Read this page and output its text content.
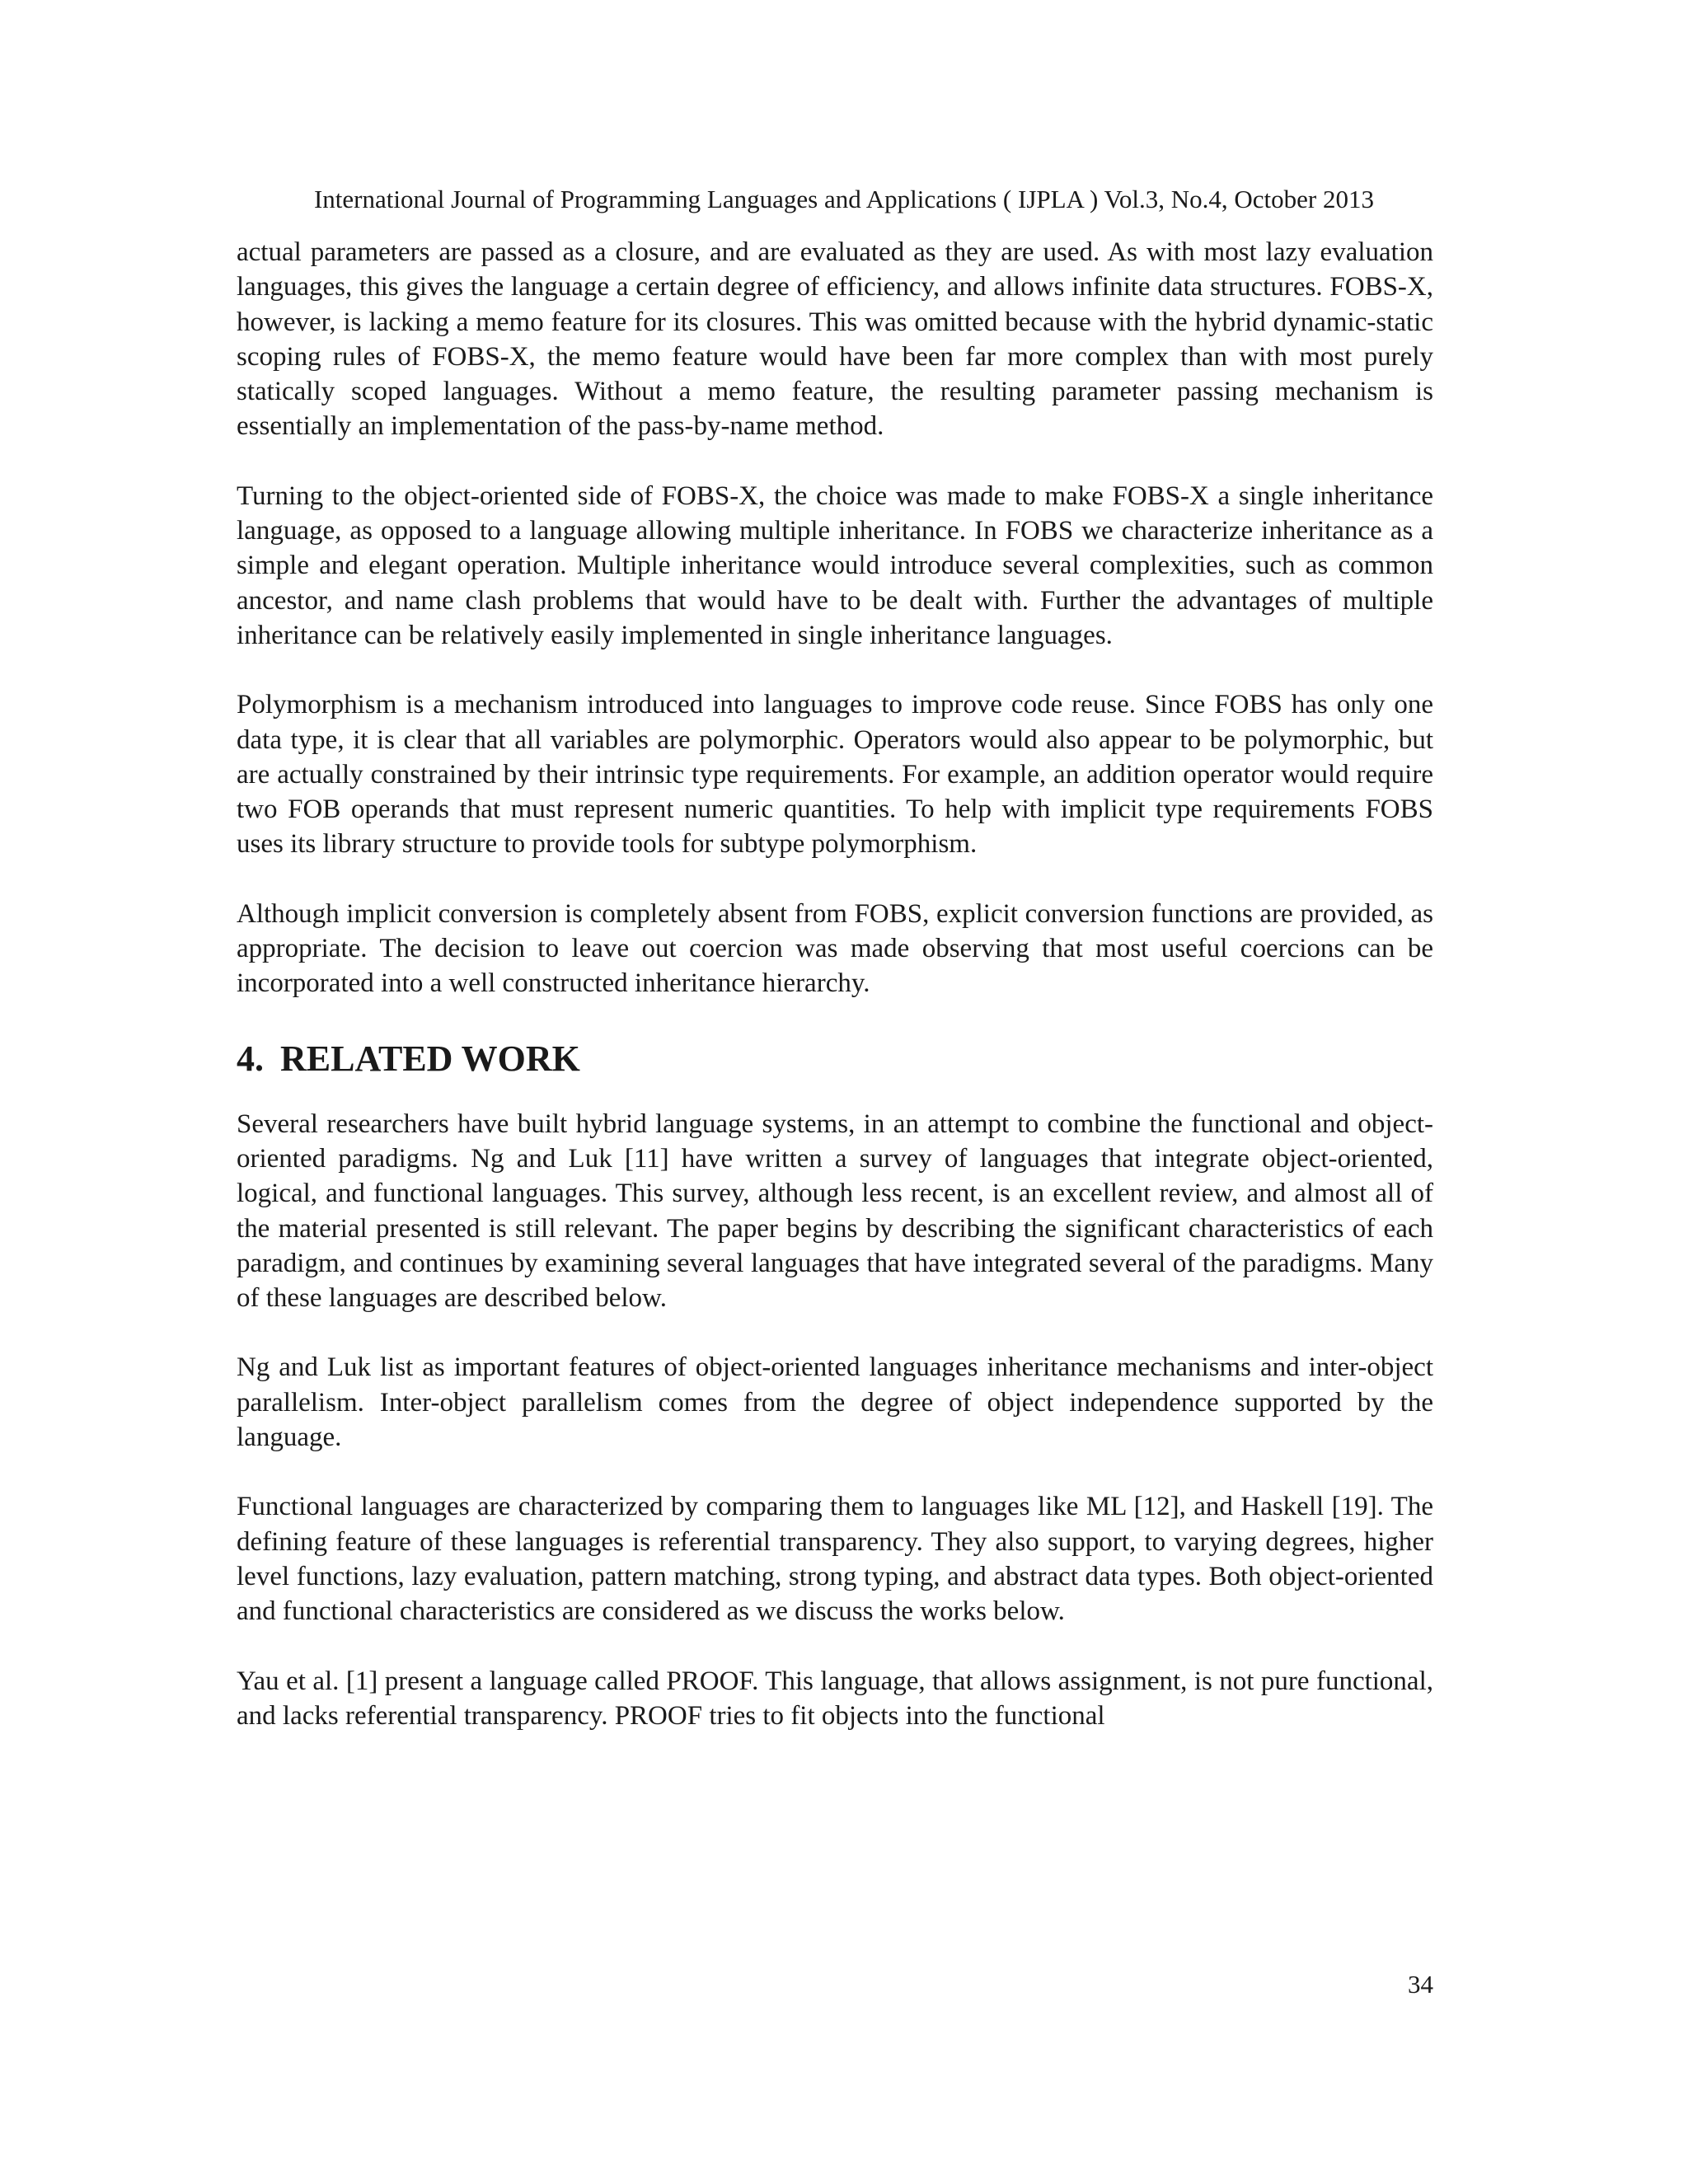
International Journal of Programming Languages and Applications ( IJPLA ) Vol.3, No.4, October 2013

actual parameters are passed as a closure, and are evaluated as they are used. As with most lazy evaluation languages, this gives the language a certain degree of efficiency, and allows infinite data structures. FOBS-X, however, is lacking a memo feature for its closures. This was omitted because with the hybrid dynamic-static scoping rules of FOBS-X, the memo feature would have been far more complex than with most purely statically scoped languages. Without a memo feature, the resulting parameter passing mechanism is essentially an implementation of the pass-by-name method.

Turning to the object-oriented side of FOBS-X, the choice was made to make FOBS-X a single inheritance language, as opposed to a language allowing multiple inheritance. In FOBS we characterize inheritance as a simple and elegant operation. Multiple inheritance would introduce several complexities, such as common ancestor, and name clash problems that would have to be dealt with. Further the advantages of multiple inheritance can be relatively easily implemented in single inheritance languages.

Polymorphism is a mechanism introduced into languages to improve code reuse. Since FOBS has only one data type, it is clear that all variables are polymorphic. Operators would also appear to be polymorphic, but are actually constrained by their intrinsic type requirements. For example, an addition operator would require two FOB operands that must represent numeric quantities. To help with implicit type requirements FOBS uses its library structure to provide tools for subtype polymorphism.

Although implicit conversion is completely absent from FOBS, explicit conversion functions are provided, as appropriate. The decision to leave out coercion was made observing that most useful coercions can be incorporated into a well constructed inheritance hierarchy.

4. RELATED WORK

Several researchers have built hybrid language systems, in an attempt to combine the functional and object-oriented paradigms. Ng and Luk [11] have written a survey of languages that integrate object-oriented, logical, and functional languages. This survey, although less recent, is an excellent review, and almost all of the material presented is still relevant. The paper begins by describing the significant characteristics of each paradigm, and continues by examining several languages that have integrated several of the paradigms. Many of these languages are described below.

Ng and Luk list as important features of object-oriented languages inheritance mechanisms and inter-object parallelism. Inter-object parallelism comes from the degree of object independence supported by the language.

Functional languages are characterized by comparing them to languages like ML [12], and Haskell [19]. The defining feature of these languages is referential transparency. They also support, to varying degrees, higher level functions, lazy evaluation, pattern matching, strong typing, and abstract data types. Both object-oriented and functional characteristics are considered as we discuss the works below.

Yau et al. [1] present a language called PROOF. This language, that allows assignment, is not pure functional, and lacks referential transparency. PROOF tries to fit objects into the functional

34
